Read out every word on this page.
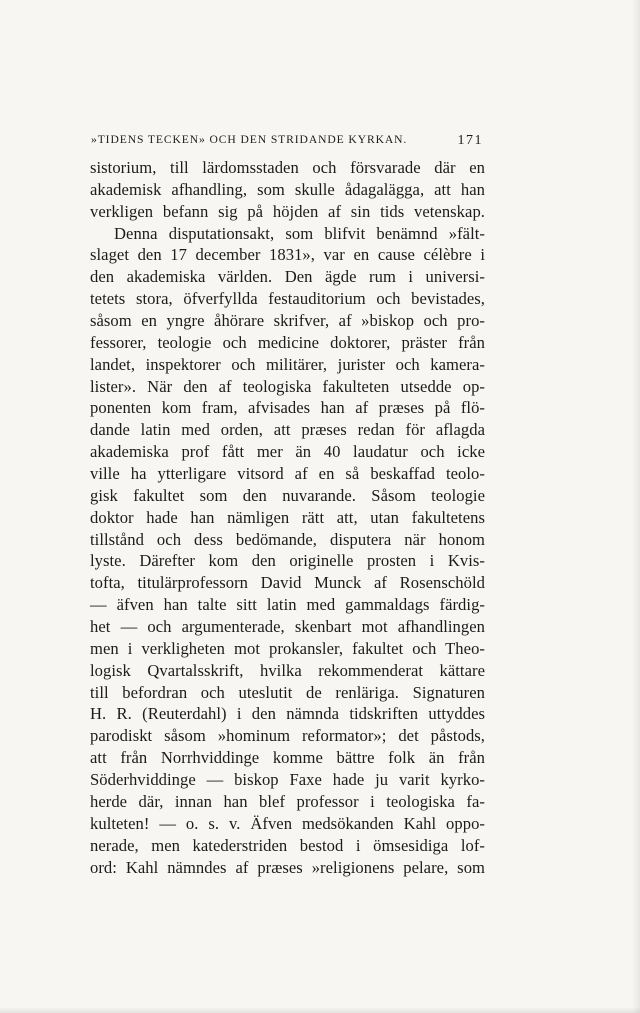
»TIDENS TECKEN» OCH DEN STRIDANDE KYRKAN.	171
sistorium, till lärdomsstaden och försvarade där en
akademisk afhandling, som skulle ådagalägga, att han
verkligen befann sig på höjden af sin tids vetenskap.
Denna disputationsakt, som blifvit benämnd »fält-
slaget den 17 december 1831», var en cause célèbre i
den akademiska världen. Den ägde rum i universi-
tetets stora, öfverfyllda festauditorium och bevistades,
såsom en yngre åhörare skrifver, af »biskop och pro-
fessorer, teologie och medicine doktorer, präster från
landet, inspektorer och militärer, jurister och kamera-
lister». När den af teologiska fakulteten utsedde op-
ponenten kom fram, afvisades han af præses på flö-
dande latin med orden, att præses redan för aflagda
akademiska prof fått mer än 40 laudatur och icke
ville ha ytterligare vitsord af en så beskaffad teolo-
gisk fakultet som den nuvarande. Såsom teologie
doktor hade han nämligen rätt att, utan fakultetens
tillstånd och dess bedömande, disputera när honom
lyste. Därefter kom den originelle prosten i Kvis-
tofta, titulärprofessorn David Munck af Rosenschöld
— äfven han talte sitt latin med gammaldags färdig-
het — och argumenterade, skenbart mot afhandlingen
men i verkligheten mot prokansler, fakultet och Theo-
logisk Qvartalsskrift, hvilka rekommenderat kättare
till befordran och uteslutit de renläriga. Signaturen
H. R. (Reuterdahl) i den nämnda tidskriften uttyddes
parodiskt såsom »hominum reformator»; det påstods,
att från Norrhviddinge komme bättre folk än från
Söderhviddinge — biskop Faxe hade ju varit kyrko-
herde där, innan han blef professor i teologiska fa-
kulteten! — o. s. v. Äfven medsökanden Kahl oppo-
nerade, men katederstriden bestod i ömsesidiga lof-
ord: Kahl nämndes af præses »religionens pelare, som
